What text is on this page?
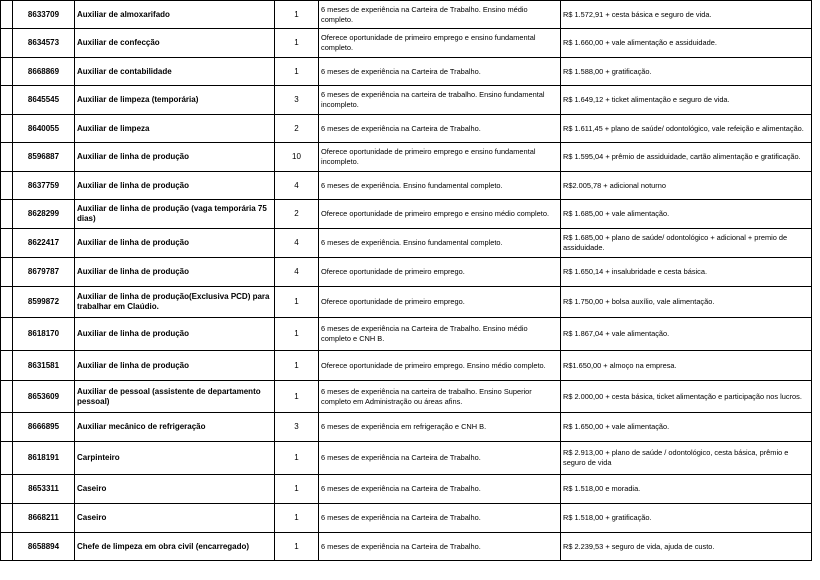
	8633709	Auxiliar de almoxarifado	1	6 meses de experiência na Carteira de Trabalho. Ensino médio completo.	R$ 1.572,91 + cesta básica e seguro de vida.
	8634573	Auxiliar de confecção	1	Oferece oportunidade de primeiro emprego e ensino fundamental completo.	R$ 1.660,00 + vale alimentação e assiduidade.
	8668869	Auxiliar de contabilidade	1	6 meses de experiência na Carteira de Trabalho.	R$ 1.588,00 + gratificação.
	8645545	Auxiliar de limpeza (temporária)	3	6 meses de experiência na carteira de trabalho. Ensino fundamental incompleto.	R$ 1.649,12 + ticket alimentação e seguro de vida.
	8640055	Auxiliar de limpeza	2	6 meses de experiência na Carteira de Trabalho.	R$ 1.611,45 + plano de saúde/ odontológico, vale refeição e alimentação.
	8596887	Auxiliar de linha de produção	10	Oferece oportunidade de primeiro emprego e ensino fundamental incompleto.	R$ 1.595,04 + prêmio de assiduidade, cartão alimentação e gratificação.
	8637759	Auxiliar de linha de produção	4	6 meses de experiência. Ensino fundamental completo.	R$2.005,78 + adicional noturno
	8628299	Auxiliar de linha de produção (vaga temporária 75 dias)	2	Oferece oportunidade de primeiro emprego e ensino médio completo.	R$ 1.685,00 + vale alimentação.
	8622417	Auxiliar de linha de produção	4	6 meses de experiência. Ensino fundamental completo.	R$ 1.685,00 + plano de saúde/ odontológico + adicional + premio de assiduidade.
	8679787	Auxiliar de linha de produção	4	Oferece oportunidade de primeiro emprego.	R$ 1.650,14 + insalubridade e cesta básica.
	8599872	Auxiliar de linha de produção(Exclusiva PCD) para trabalhar em Claúdio.	1	Oferece oportunidade de primeiro emprego.	R$ 1.750,00 + bolsa auxílio, vale alimentação.
	8618170	Auxiliar de linha de produção	1	6 meses de experiência na Carteira de Trabalho. Ensino médio completo e CNH B.	R$ 1.867,04 + vale alimentação.
	8631581	Auxiliar de linha de produção	1	Oferece oportunidade de primeiro emprego. Ensino médio completo.	R$1.650,00 + almoço na empresa.
	8653609	Auxiliar de pessoal (assistente de departamento pessoal)	1	6 meses de experiência na carteira de trabalho. Ensino Superior completo em Administração ou áreas afins.	R$ 2.000,00 + cesta básica, ticket alimentação e participação nos lucros.
	8666895	Auxiliar mecânico de refrigeração	3	6 meses de experiência em refrigeração e CNH B.	R$ 1.650,00 + vale alimentação.
	8618191	Carpinteiro	1	6 meses de experiência na Carteira de Trabalho.	R$ 2.913,00 + plano de saúde / odontológico, cesta básica, prêmio e seguro de vida
	8653311	Caseiro	1	6 meses de experiência na Carteira de Trabalho.	R$ 1.518,00 e moradia.
	8668211	Caseiro	1	6 meses de experiência na Carteira de Trabalho.	R$ 1.518,00 + gratificação.
	8658894	Chefe de limpeza em obra civil (encarregado)	1	6 meses de experiência na Carteira de Trabalho.	R$ 2.239,53 + seguro de vida, ajuda de custo.
